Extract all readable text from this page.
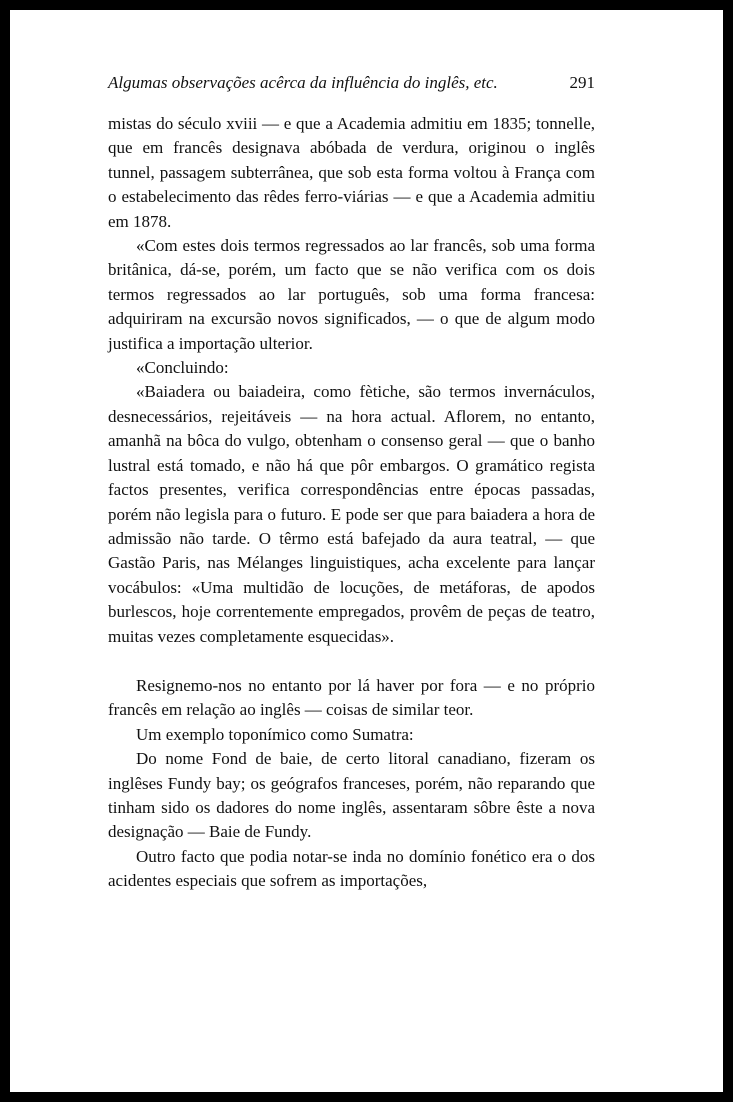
Algumas observações acêrca da influência do inglês, etc.	291

mistas do século xviii — e que a Academia admitiu em 1835; tonnelle, que em francês designava abóbada de verdura, originou o inglês tunnel, passagem subterrânea, que sob esta forma voltou à França com o estabelecimento das rêdes ferro-viárias — e que a Academia admitiu em 1878.

«Com estes dois termos regressados ao lar francês, sob uma forma britânica, dá-se, porém, um facto que se não verifica com os dois termos regressados ao lar português, sob uma forma francesa: adquiriram na excursão novos significados, — o que de algum modo justifica a importação ulterior.

«Concluindo:

«Baiadera ou baiadeira, como fètiche, são termos invernáculos, desnecessários, rejeitáveis — na hora actual. Aflorem, no entanto, amanhã na bôca do vulgo, obtenham o consenso geral — que o banho lustral está tomado, e não há que pôr embargos. O gramático regista factos presentes, verifica correspondências entre épocas passadas, porém não legisla para o futuro. E pode ser que para baiadera a hora de admissão não tarde. O têrmo está bafejado da aura teatral, — que Gastão Paris, nas Mélanges linguistiques, acha excelente para lançar vocábulos: «Uma multidão de locuções, de metáforas, de apodos burlescos, hoje correntemente empregados, provêm de peças de teatro, muitas vezes completamente esquecidas».

Resignemo-nos no entanto por lá haver por fora — e no próprio francês em relação ao inglês — coisas de similar teor.

Um exemplo toponímico como Sumatra:

Do nome Fond de baie, de certo litoral canadiano, fizeram os inglêses Fundy bay; os geógrafos franceses, porém, não reparando que tinham sido os dadores do nome inglês, assentaram sôbre êste a nova designação — Baie de Fundy.

Outro facto que podia notar-se inda no domínio fonético era o dos acidentes especiais que sofrem as importações,
